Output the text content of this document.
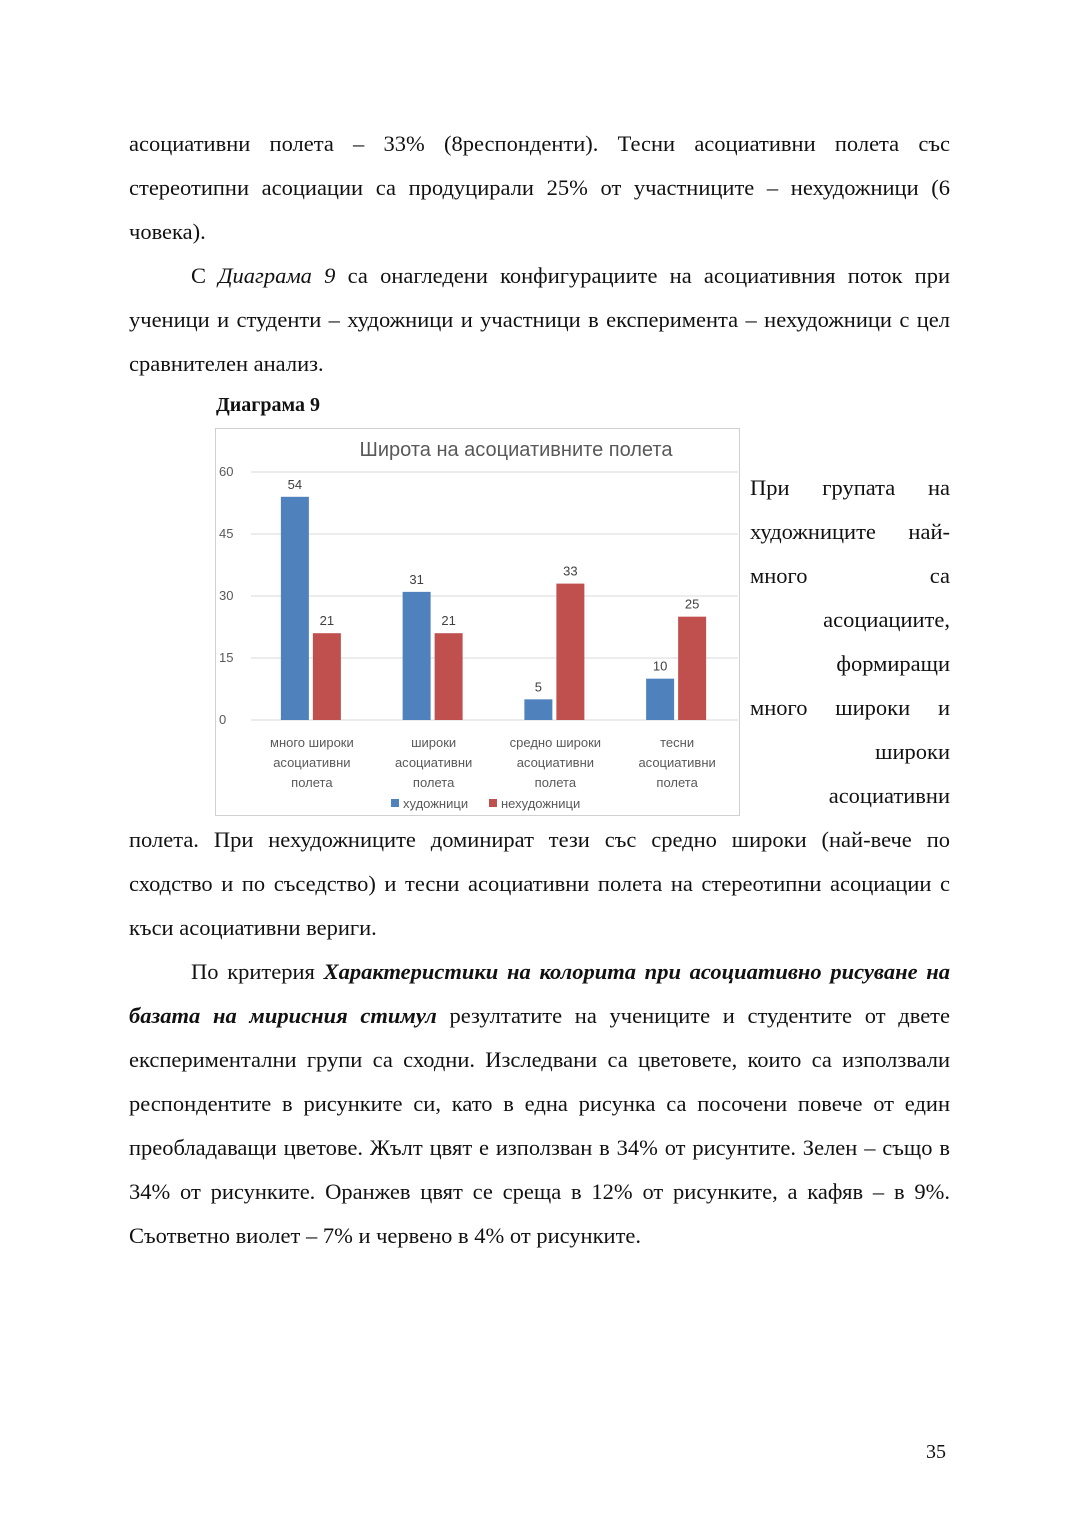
асоциативни полета – 33% (8респонденти). Тесни асоциативни полета със стереотипни асоциации са продуцирали 25% от участниците – нехудожници (6 човека).

С Диаграма 9 са онагледени конфигурациите на асоциативния поток при ученици и студенти – художници и участници в експеримента – нехудожници с цел сравнителен анализ.

Диаграма 9
Широта на асоциативните полета
0
15
30
45
60
54
21
31
21
5
33
10
25
много широки
асоциативни
полета
широки
асоциативни
полета
средно широки
асоциативни
полета
тесни
асоциативни
полета
художници	нехудожници
При групата на
художниците най-
много са
асоциациите,
формиращи
много широки и
широки
асоциативни

полета. При нехудожниците доминират тези със средно широки (най-вече по сходство и по съседство) и тесни асоциативни полета на стереотипни асоциации с къси асоциативни вериги.

По критерия Характеристики на колорита при асоциативно рисуване на базата на мирисния стимул резултатите на учениците и студентите от двете експериментални групи са сходни. Изследвани са цветовете, които са използвали респондентите в рисунките си, като в една рисунка са посочени повече от един преобладаващи цветове. Жълт цвят е използван в 34% от рисунтите. Зелен – също в 34% от рисунките. Оранжев цвят се среща в 12% от рисунките, а кафяв – в 9%. Съответно виолет – 7% и червено в 4% от рисунките.

35
